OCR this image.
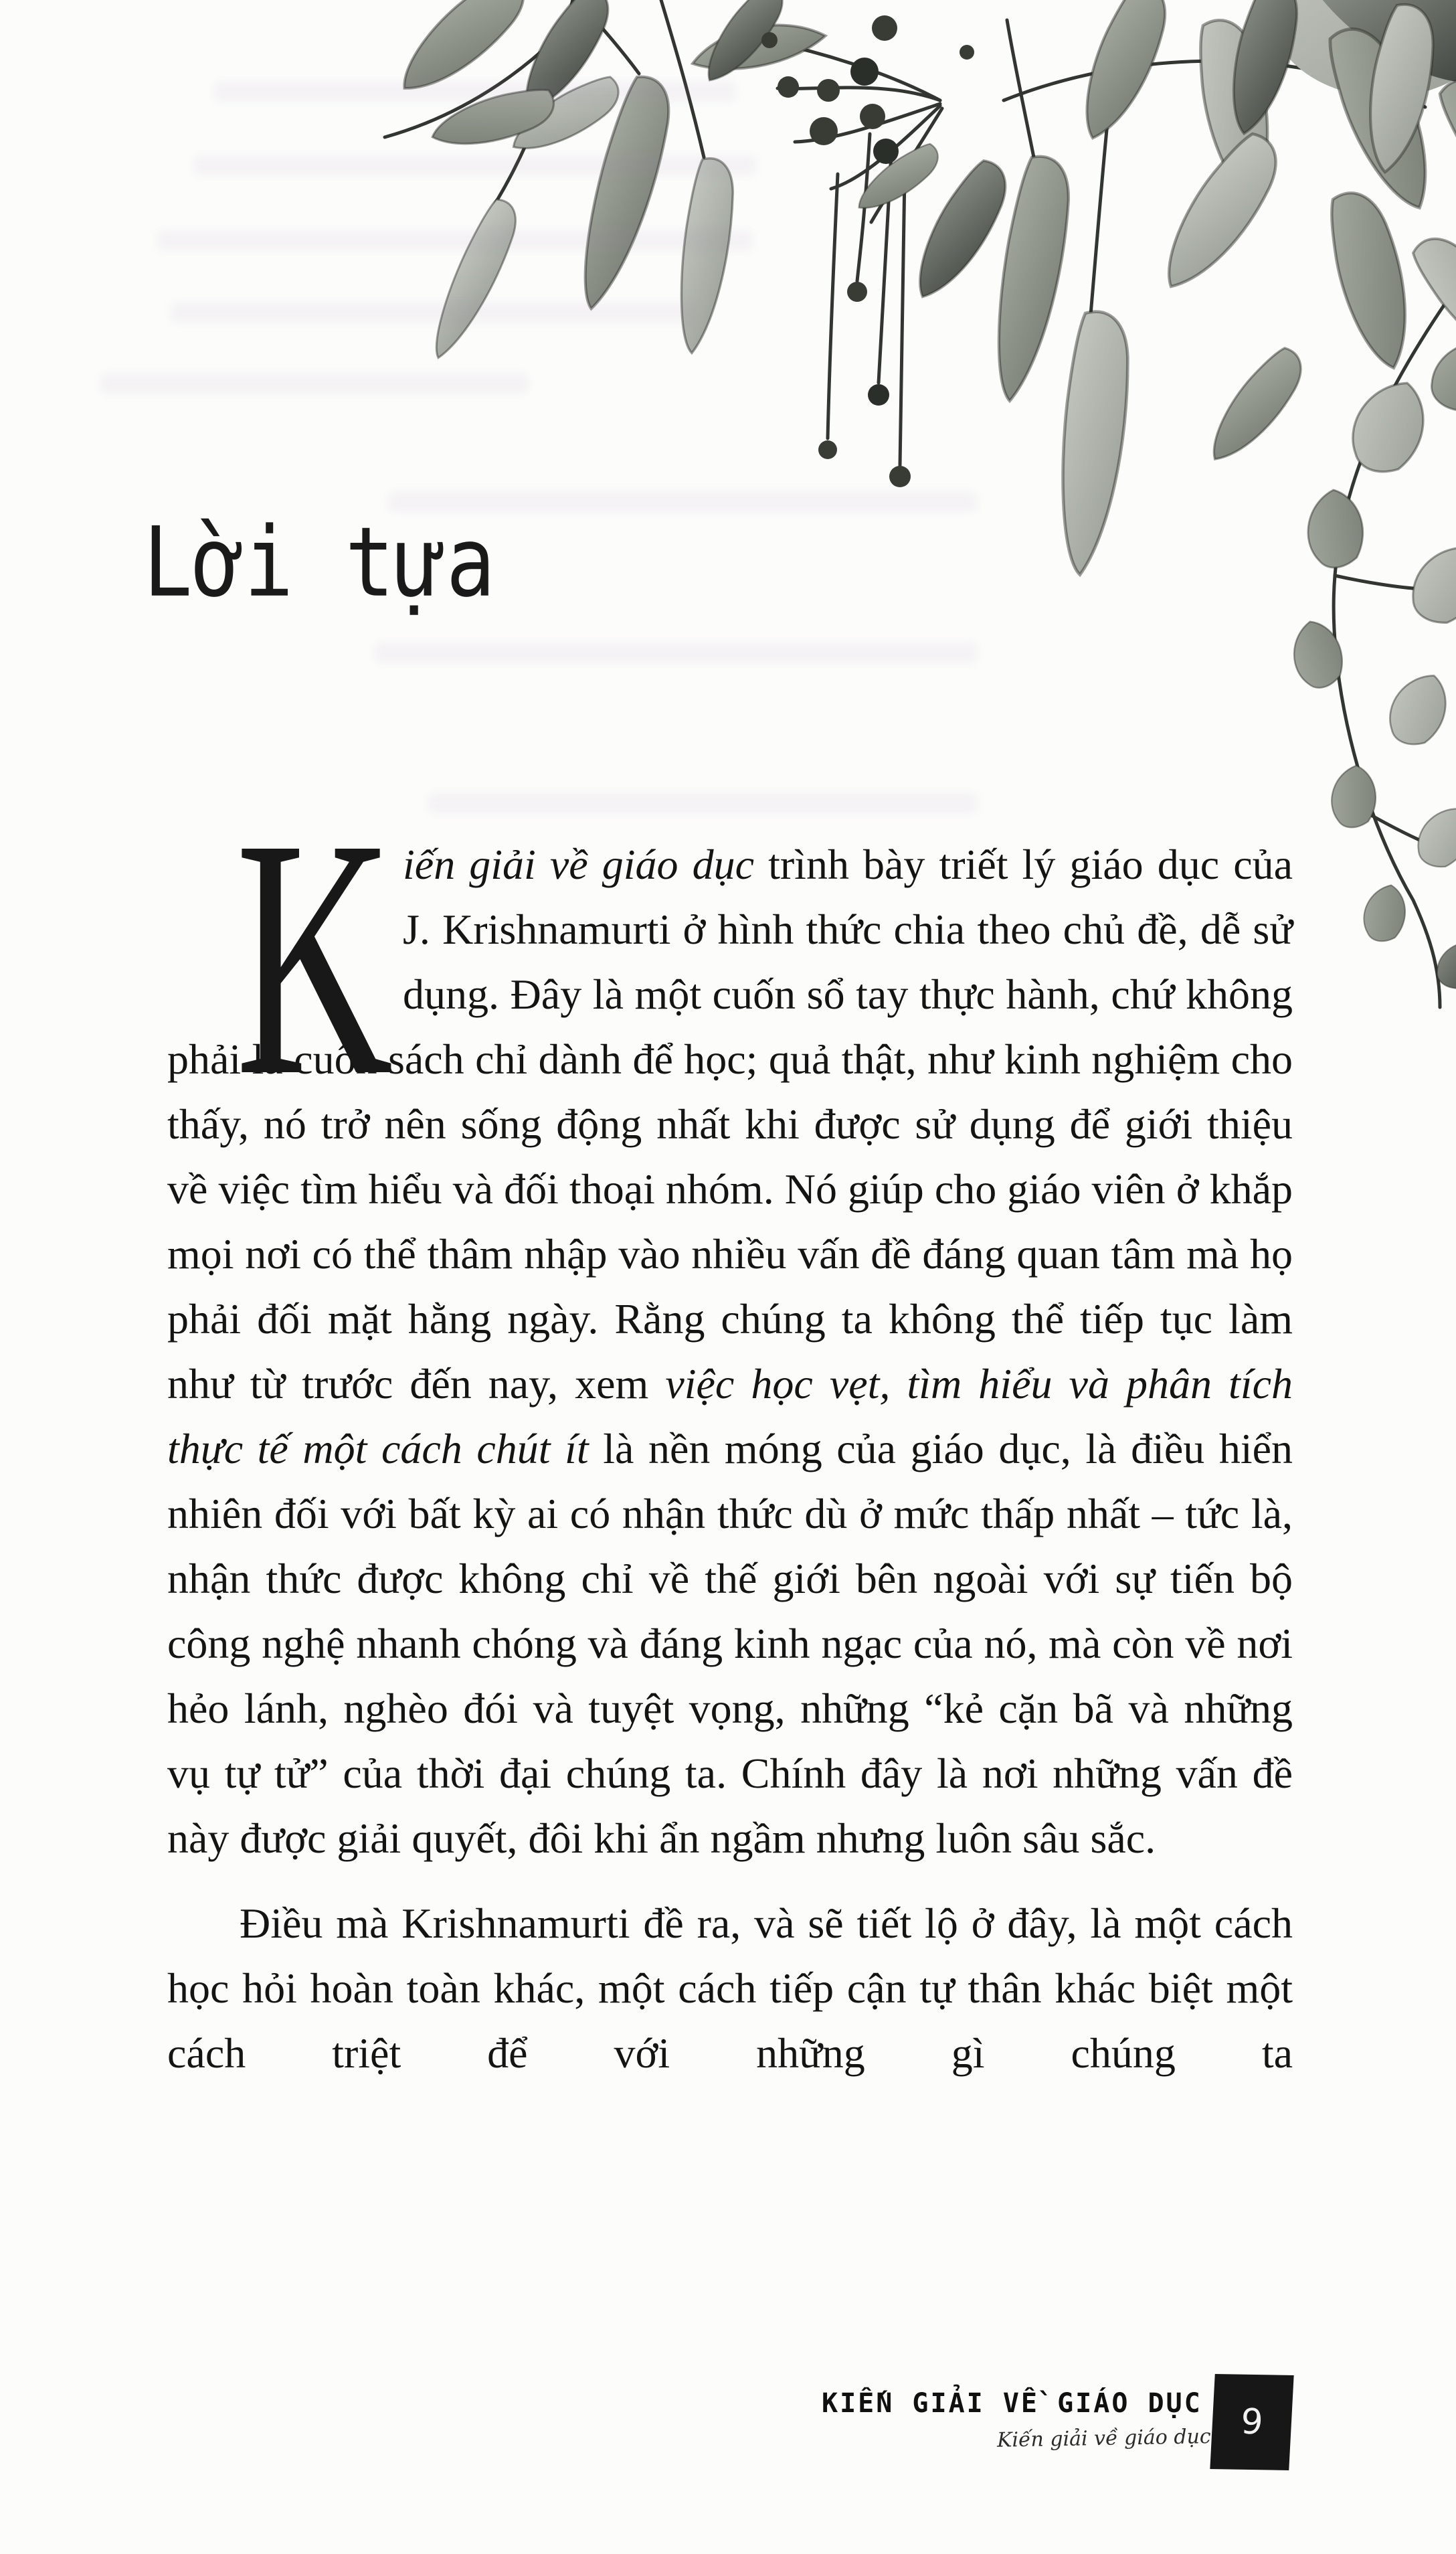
Lời tựa

Kiến giải về giáo dục trình bày triết lý giáo dục của J. Krishnamurti ở hình thức chia theo chủ đề, dễ sử dụng. Đây là một cuốn sổ tay thực hành, chứ không phải là cuốn sách chỉ dành để học; quả thật, như kinh nghiệm cho thấy, nó trở nên sống động nhất khi được sử dụng để giới thiệu về việc tìm hiểu và đối thoại nhóm. Nó giúp cho giáo viên ở khắp mọi nơi có thể thâm nhập vào nhiều vấn đề đáng quan tâm mà họ phải đối mặt hằng ngày. Rằng chúng ta không thể tiếp tục làm như từ trước đến nay, xem việc học vẹt, tìm hiểu và phân tích thực tế một cách chút ít là nền móng của giáo dục, là điều hiển nhiên đối với bất kỳ ai có nhận thức dù ở mức thấp nhất – tức là, nhận thức được không chỉ về thế giới bên ngoài với sự tiến bộ công nghệ nhanh chóng và đáng kinh ngạc của nó, mà còn về nơi hẻo lánh, nghèo đói và tuyệt vọng, những “kẻ cặn bã và những vụ tự tử” của thời đại chúng ta. Chính đây là nơi những vấn đề này được giải quyết, đôi khi ẩn ngầm nhưng luôn sâu sắc.

Điều mà Krishnamurti đề ra, và sẽ tiết lộ ở đây, là một cách học hỏi hoàn toàn khác, một cách tiếp cận tự thân khác biệt một cách triệt để với những gì chúng ta

KIẾN GIẢI VỀ GIÁO DỤC
Kiến giải về giáo dục 9
